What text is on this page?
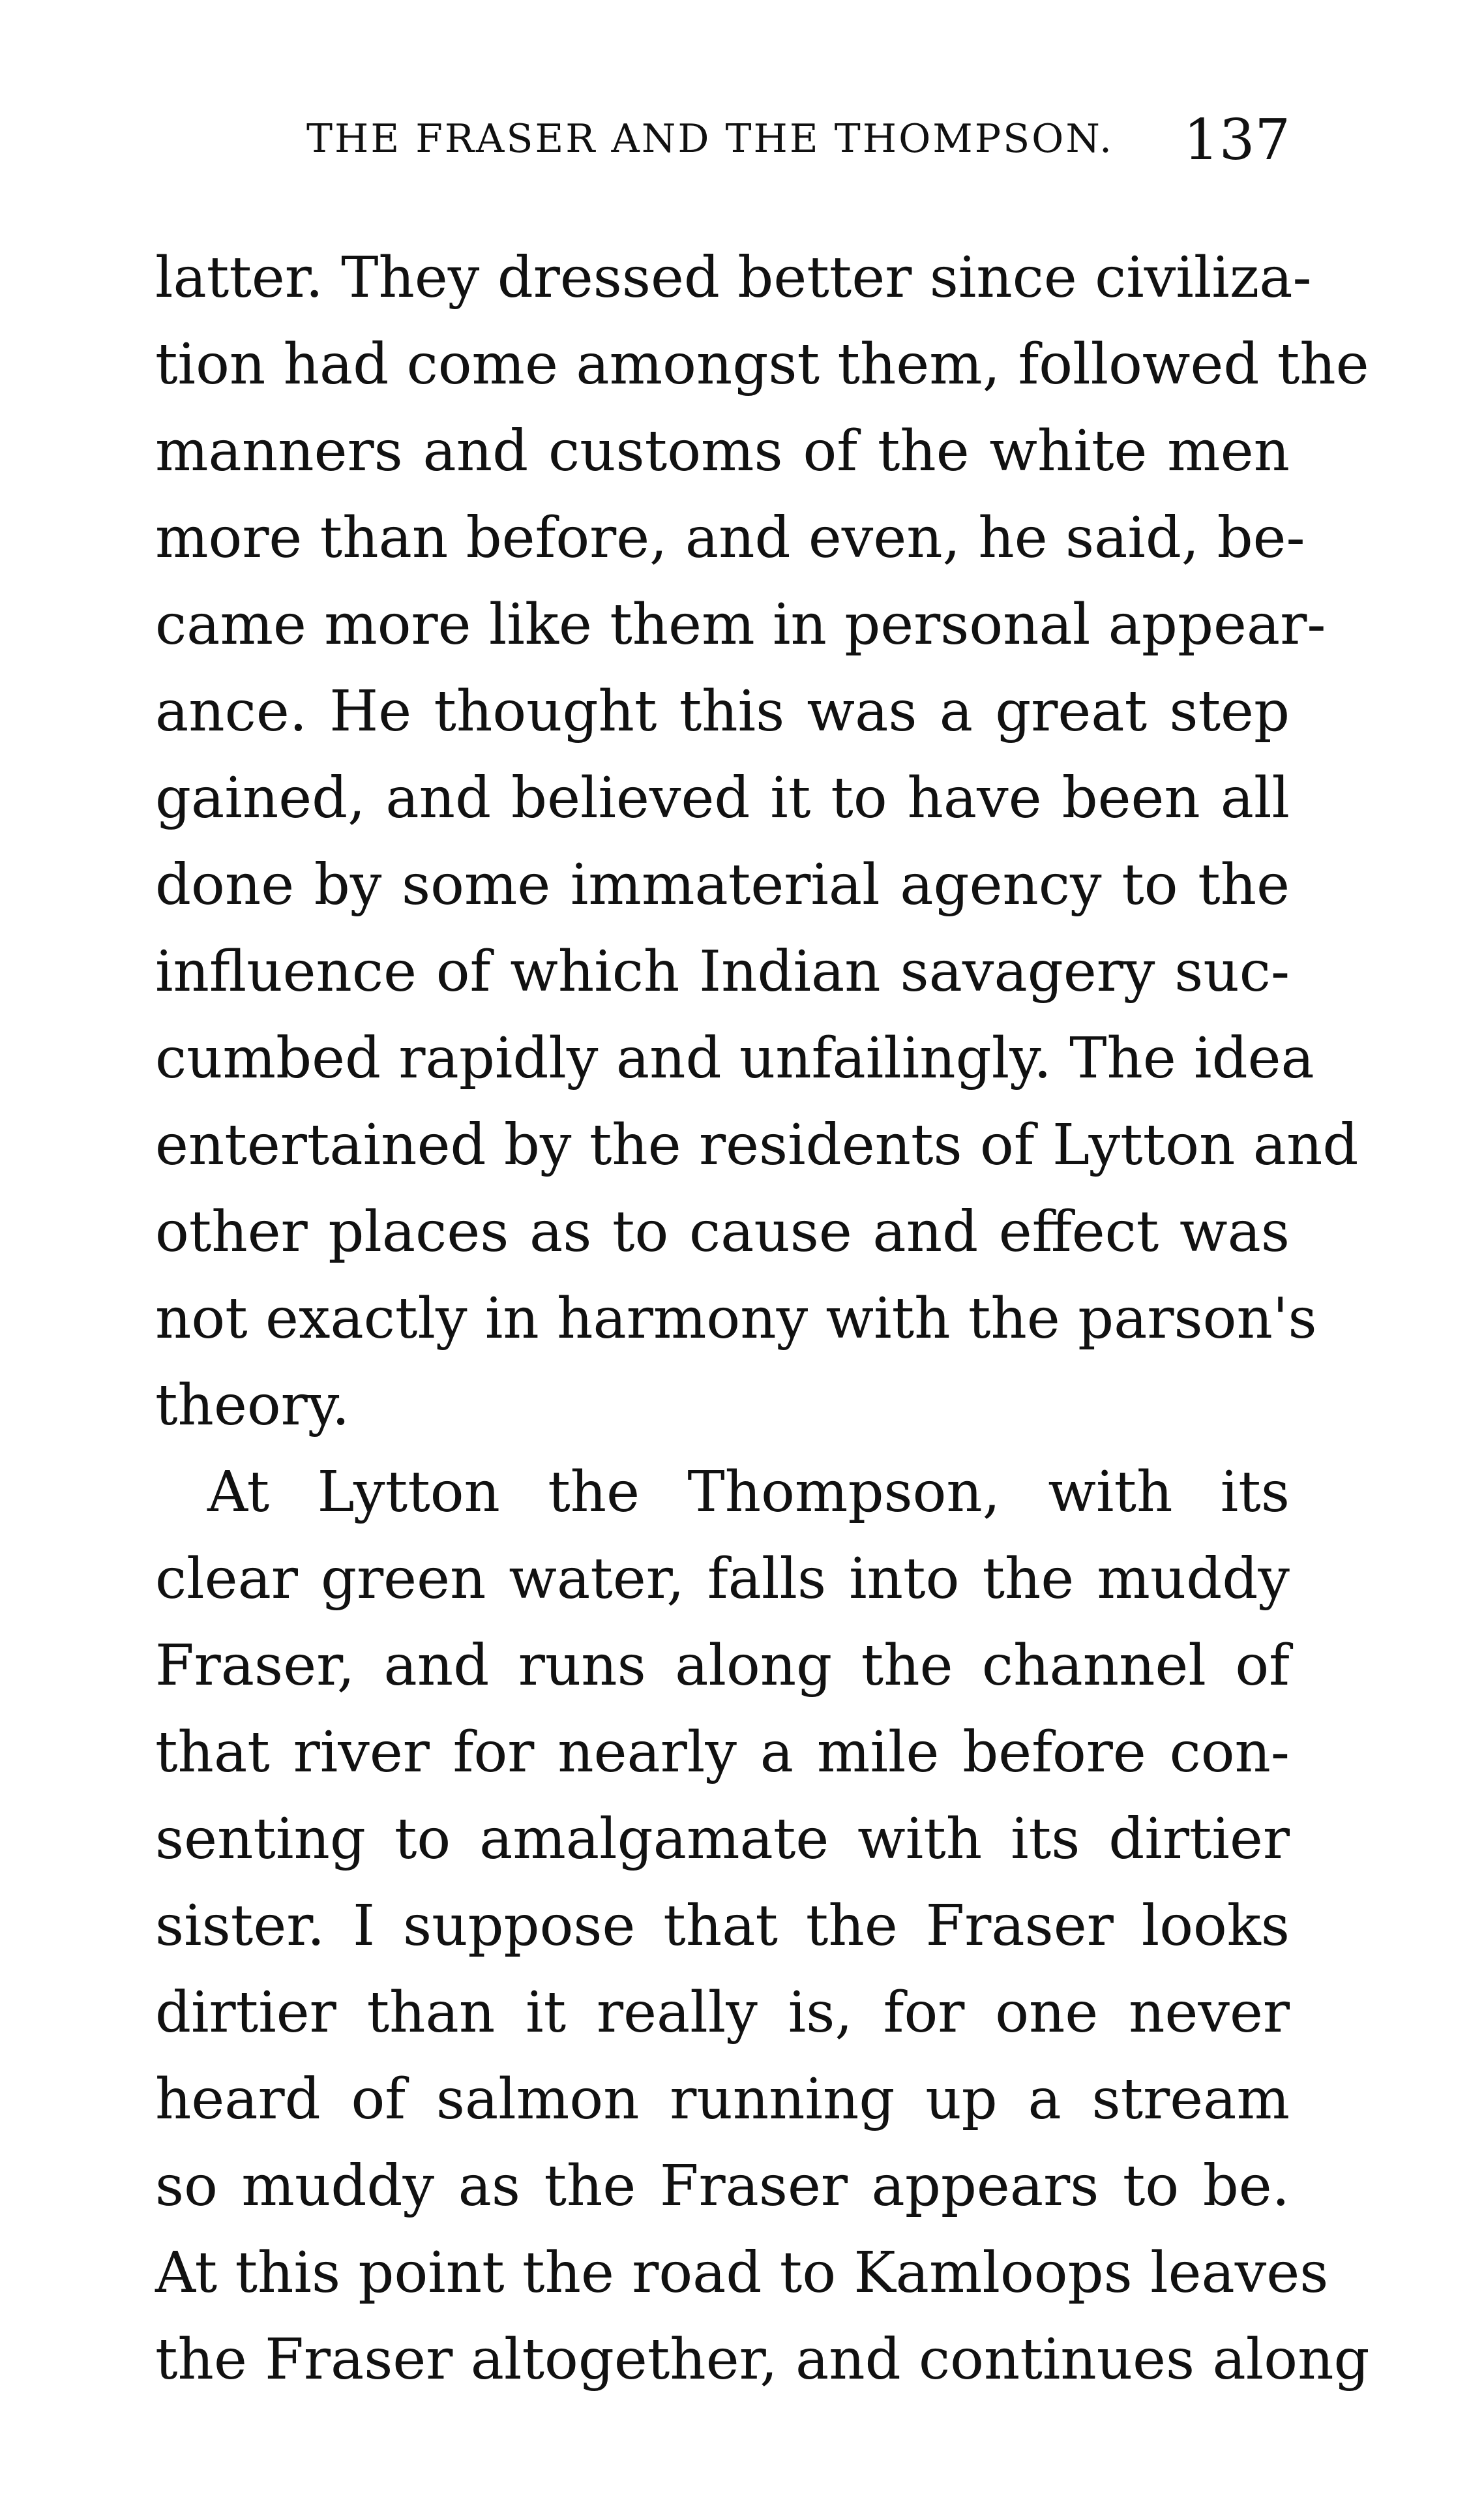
THE FRASER AND THE THOMPSON. 137
latter. They dressed better since civiliza-
tion had come amongst them, followed the
manners and customs of the white men
more than before, and even, he said, be-
came more like them in personal appear-
ance. He thought this was a great step
gained, and believed it to have been all
done by some immaterial agency to the
influence of which Indian savagery suc-
cumbed rapidly and unfailingly. The idea
entertained by the residents of Lytton and
other places as to cause and effect was
not exactly in harmony with the parson's
theory.
At Lytton the Thompson, with its
clear green water, falls into the muddy
Fraser, and runs along the channel of
that river for nearly a mile before con-
senting to amalgamate with its dirtier
sister. I suppose that the Fraser looks
dirtier than it really is, for one never
heard of salmon running up a stream
so muddy as the Fraser appears to be.
At this point the road to Kamloops leaves
the Fraser altogether, and continues along
